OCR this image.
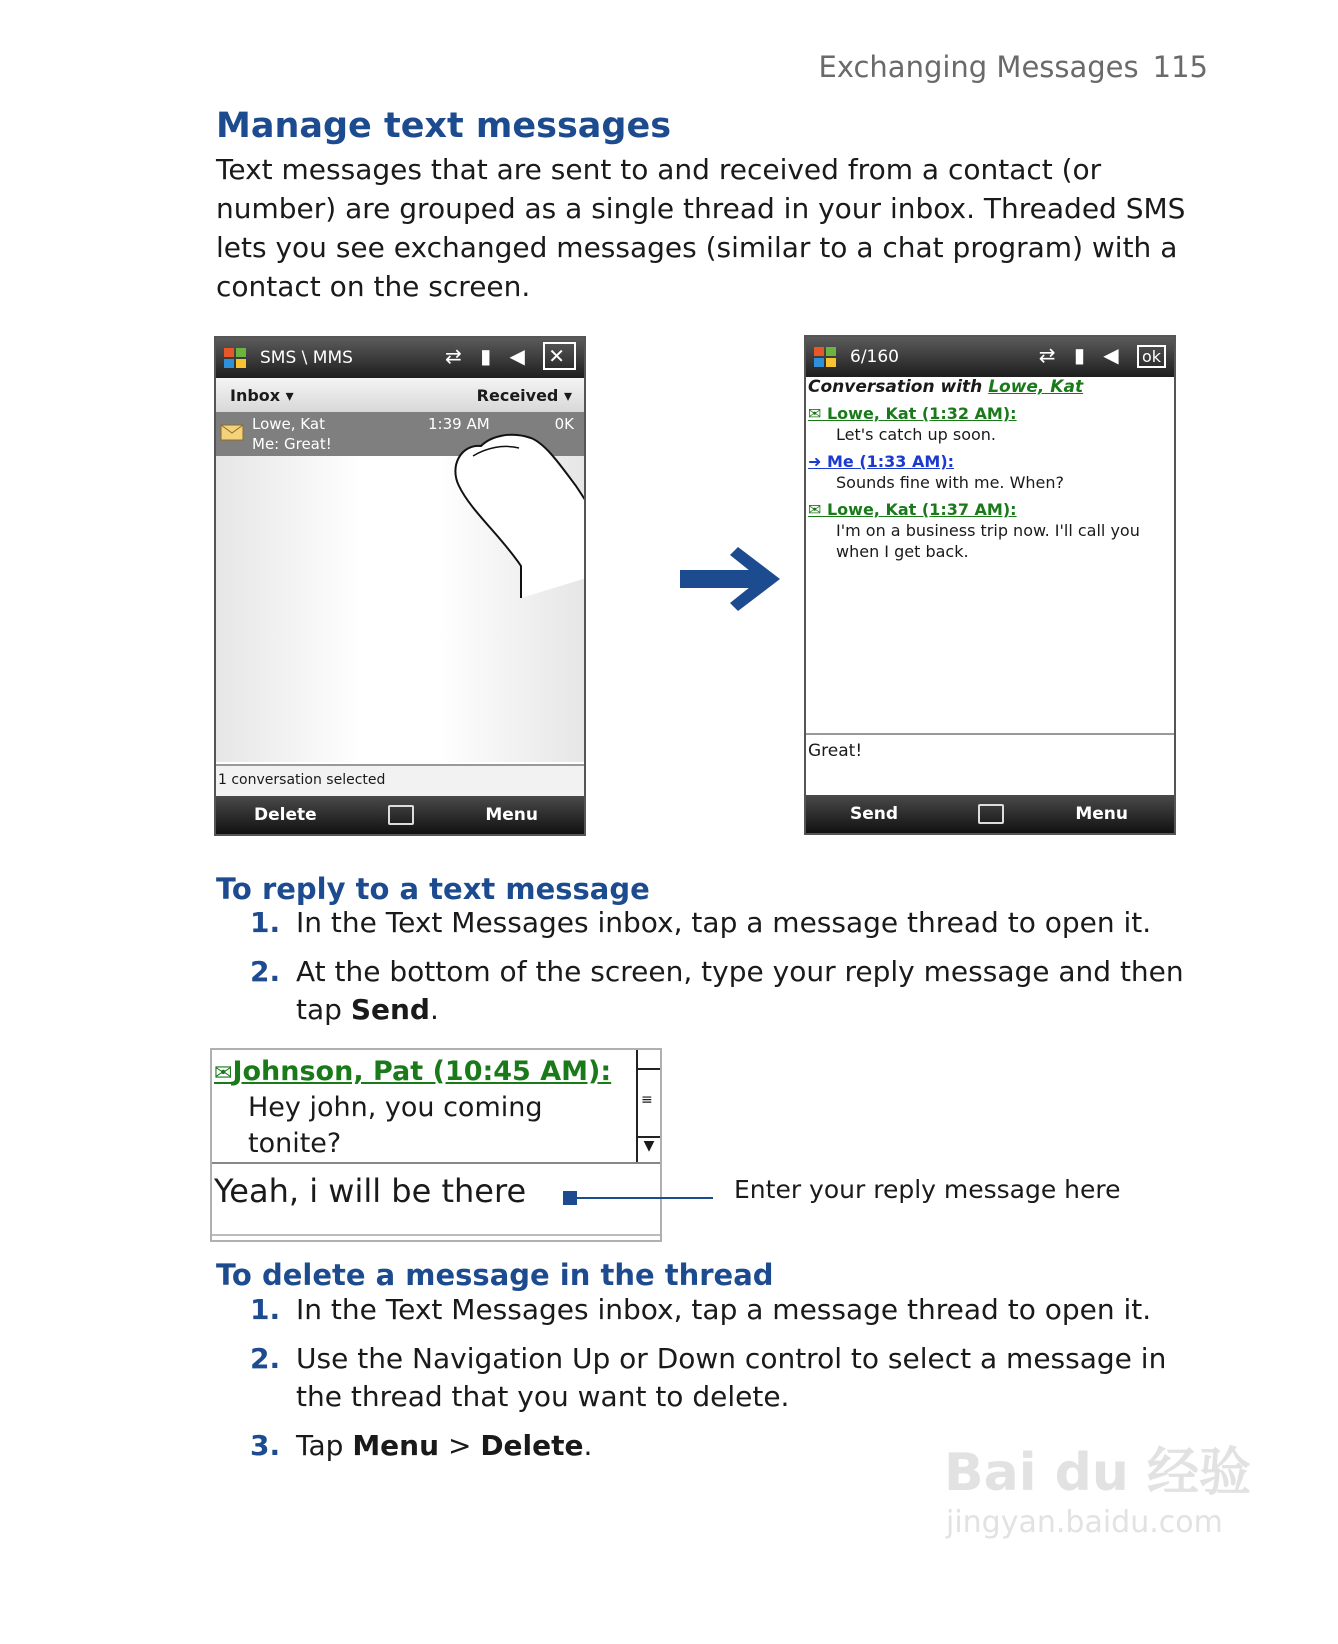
Exchanging Messages 115
Manage text messages
Text messages that are sent to and received from a contact (or number) are grouped as a single thread in your inbox. Threaded SMS lets you see exchanged messages (similar to a chat program) with a contact on the screen.
SMS \ MMS	⇄ ▮ ◀ ✕
Inbox ▾	Received ▾
Lowe, Kat
Me: Great!
1:39 AM	0K
1 conversation selected
Delete	Menu
6/160	⇄ ▮ ◀ ok
Conversation with Lowe, Kat
✉ Lowe, Kat (1:32 AM):
Let's catch up soon.
➜ Me (1:33 AM):
Sounds fine with me. When?
✉ Lowe, Kat (1:37 AM):
I'm on a business trip now. I'll call you when I get back.
Great!
Send	Menu
To reply to a text message
1. In the Text Messages inbox, tap a message thread to open it.
2. At the bottom of the screen, type your reply message and then tap Send.
✉Johnson, Pat (10:45 AM):
Hey john, you coming tonite?
≡
▼
Yeah, i will be there	Enter your reply message here
To delete a message in the thread
1. In the Text Messages inbox, tap a message thread to open it.
2. Use the Navigation Up or Down control to select a message in the thread that you want to delete.
3. Tap Menu > Delete.	Bai du 经验
jingyan.baidu.com
